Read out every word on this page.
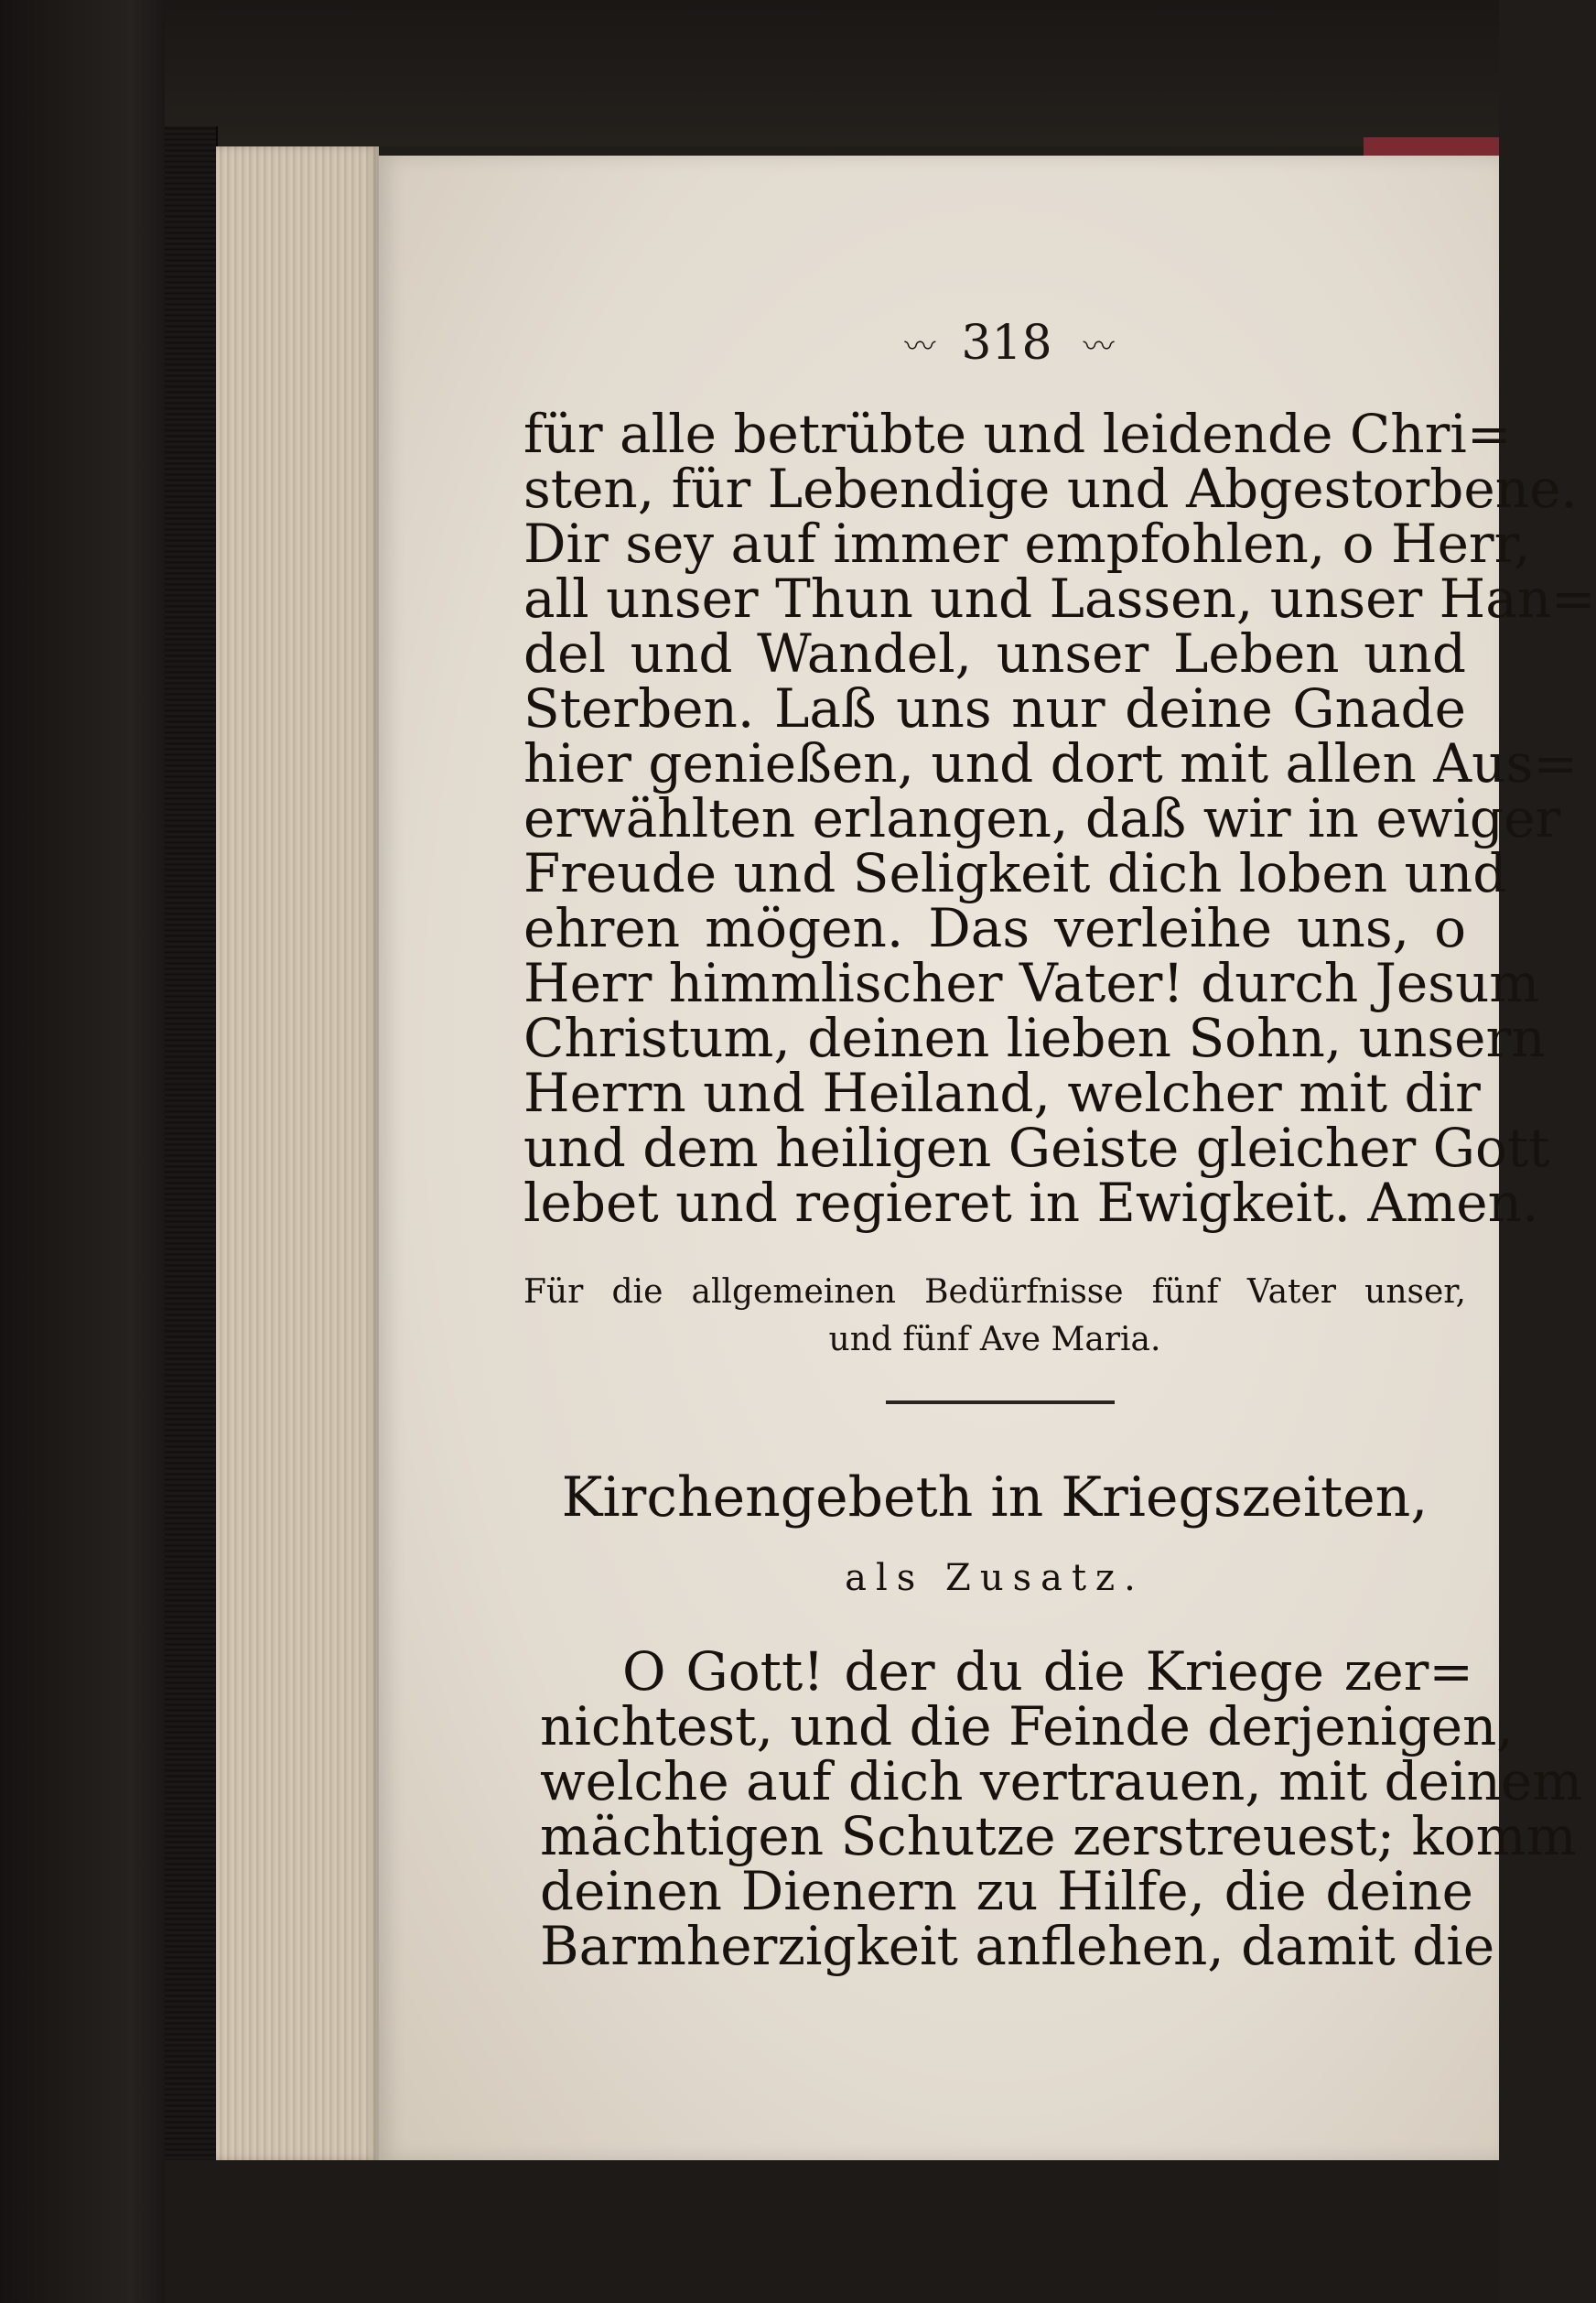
〰 318 〰
für alle betrübte und leidende Chri=
sten, für Lebendige und Abgestorbene.
Dir sey auf immer empfohlen, o Herr,
all unser Thun und Lassen, unser Han=
del und Wandel, unser Leben und
Sterben. Laß uns nur deine Gnade
hier genießen, und dort mit allen Aus=
erwählten erlangen, daß wir in ewiger
Freude und Seligkeit dich loben und
ehren mögen. Das verleihe uns, o
Herr himmlischer Vater! durch Jesum
Christum, deinen lieben Sohn, unsern
Herrn und Heiland, welcher mit dir
und dem heiligen Geiste gleicher Gott
lebet und regieret in Ewigkeit. Amen.
Für die allgemeinen Bedürfnisse fünf Vater unser,
und fünf Ave Maria.
Kirchengebeth in Kriegszeiten,
als Zusatz.
O Gott! der du die Kriege zer=
nichtest, und die Feinde derjenigen,
welche auf dich vertrauen, mit deinem
mächtigen Schutze zerstreuest; komm
deinen Dienern zu Hilfe, die deine
Barmherzigkeit anflehen, damit die
